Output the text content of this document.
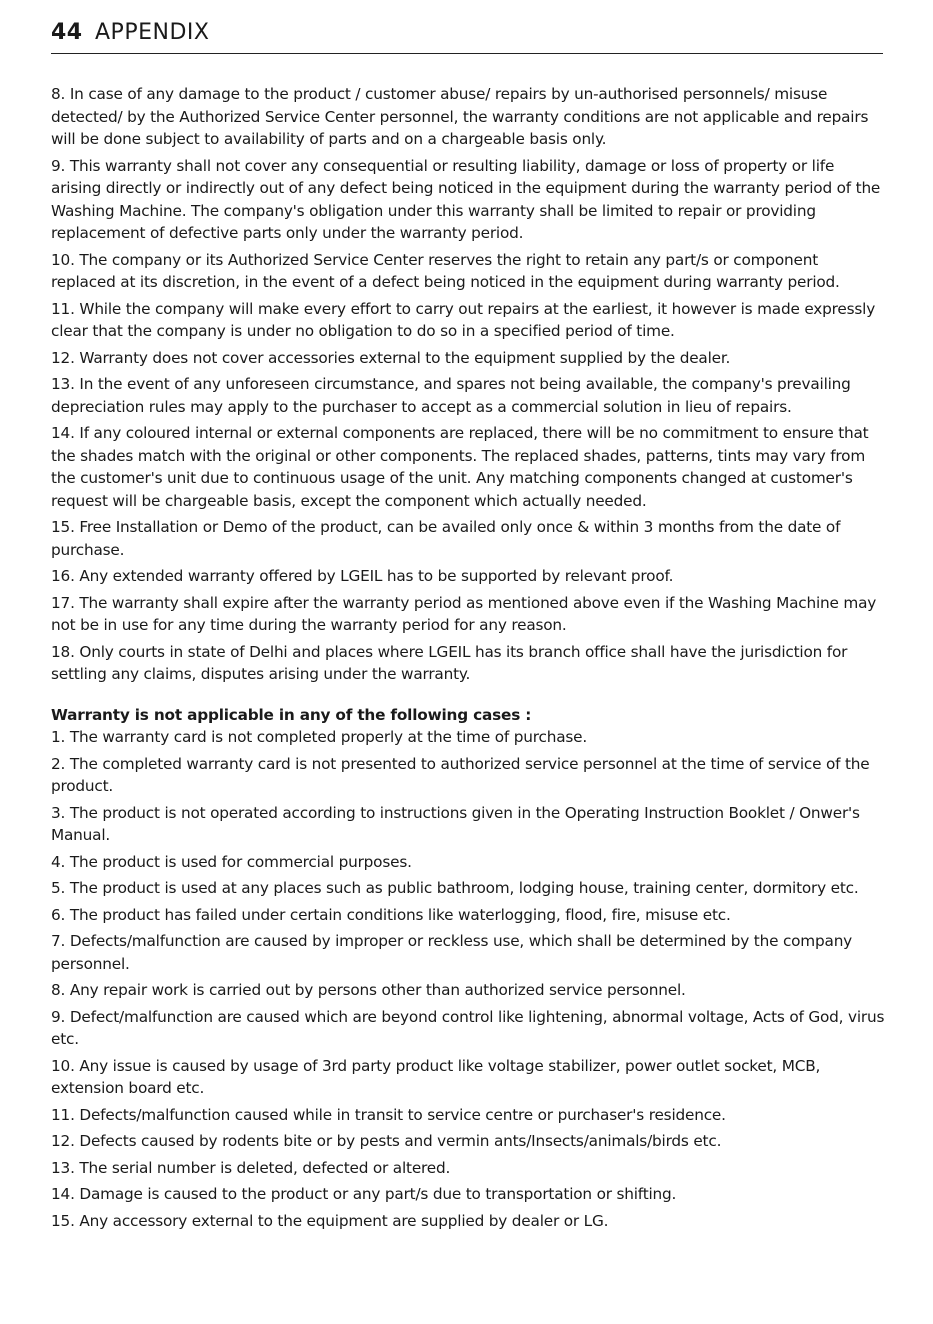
44 APPENDIX

8. In case of any damage to the product / customer abuse/ repairs by un-authorised personnels/ misuse detected/ by the Authorized Service Center personnel, the warranty conditions are not applicable and repairs will be done subject to availability of parts and on a chargeable basis only.

9. This warranty shall not cover any consequential or resulting liability, damage or loss of property or life arising directly or indirectly out of any defect being noticed in the equipment during the warranty period of the Washing Machine. The company's obligation under this warranty shall be limited to repair or providing replacement of defective parts only under the warranty period.

10. The company or its Authorized Service Center reserves the right to retain any part/s or component replaced at its discretion, in the event of a defect being noticed in the equipment during warranty period.

11. While the company will make every effort to carry out repairs at the earliest, it however is made expressly clear that the company is under no obligation to do so in a specified period of time.

12. Warranty does not cover accessories external to the equipment supplied by the dealer.

13. In the event of any unforeseen circumstance, and spares not being available, the company's prevailing depreciation rules may apply to the purchaser to accept as a commercial solution in lieu of repairs.

14. If any coloured internal or external components are replaced, there will be no commitment to ensure that the shades match with the original or other components. The replaced shades, patterns, tints may vary from the customer's unit due to continuous usage of the unit. Any matching components changed at customer's request will be chargeable basis, except the component which actually needed.

15. Free Installation or Demo of the product, can be availed only once & within 3 months from the date of purchase.

16. Any extended warranty offered by LGEIL has to be supported by relevant proof.

17. The warranty shall expire after the warranty period as mentioned above even if the Washing Machine may not be in use for any time during the warranty period for any reason.

18. Only courts in state of Delhi and places where LGEIL has its branch office shall have the jurisdiction for settling any claims, disputes arising under the warranty.

Warranty is not applicable in any of the following cases :

1. The warranty card is not completed properly at the time of purchase.

2. The completed warranty card is not presented to authorized service personnel at the time of service of the product.

3. The product is not operated according to instructions given in the Operating Instruction Booklet / Onwer's Manual.

4. The product is used for commercial purposes.

5. The product is used at any places such as public bathroom, lodging house, training center, dormitory etc.

6. The product has failed under certain conditions like waterlogging, flood, fire, misuse etc.

7. Defects/malfunction are caused by improper or reckless use, which shall be determined by the company personnel.

8. Any repair work is carried out by persons other than authorized service personnel.

9. Defect/malfunction are caused which are beyond control like lightening, abnormal voltage, Acts of God, virus etc.

10. Any issue is caused by usage of 3rd party product like voltage stabilizer, power outlet socket, MCB, extension board etc.

11. Defects/malfunction caused while in transit to service centre or purchaser's residence.

12. Defects caused by rodents bite or by pests and vermin ants/Insects/animals/birds etc.

13. The serial number is deleted, defected or altered.

14. Damage is caused to the product or any part/s due to transportation or shifting.

15. Any accessory external to the equipment are supplied by dealer or LG.
